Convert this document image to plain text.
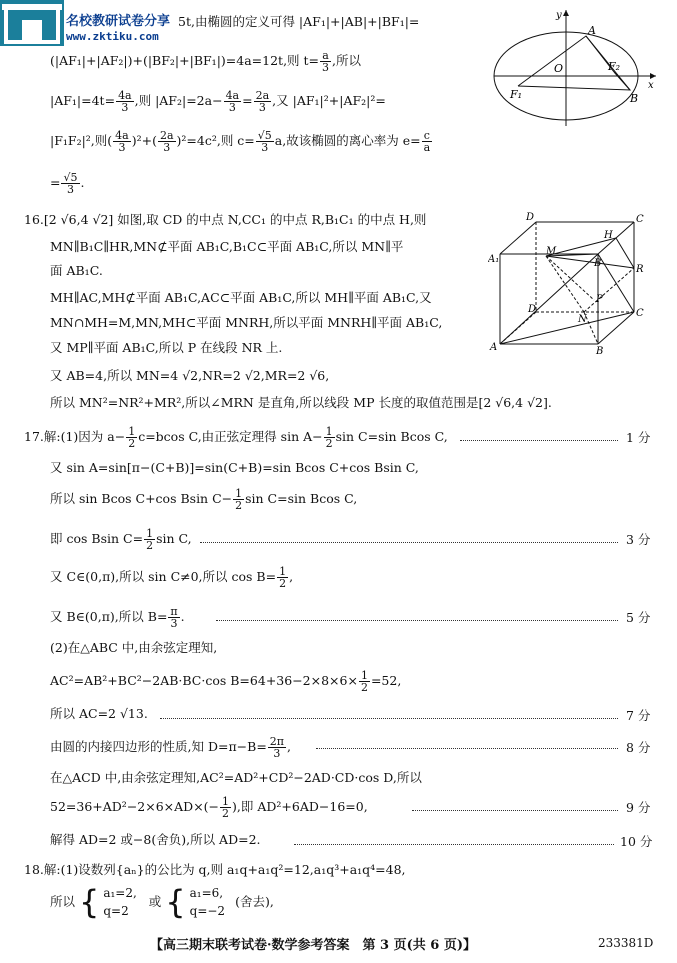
名校教研试卷分享
www.zktiku.com
5t,由椭圆的定义可得 |AF₁|+|AB|+|BF₁|=
(|AF₁|+|AF₂|)+(|BF₂|+|BF₁|)=4a=12t,则 $t= \frac{a}{3}$ ,所以
$|AF_1|=4t= \frac{4a}{3}$ ,则 $|AF_2|=2a- \frac{4a}{3} = \frac{2a}{3}$ ,又 |AF₁|²+|AF₂|²=
|F₁F₂|²,则( $\frac{4a}{3} )^2+( \frac{2a}{3} )^2=4c^2$,则 $c= \frac{√5}{3} a$,故该椭圆的离心率为 $e= \frac{c}{a}$
= $\frac{√5}{3}$ .
y
x
A
O
F₁
F₂
B
16.[2 √6,4 √2] 如图,取 CD 的中点 N,CC₁ 的中点 R,B₁C₁ 的中点 H,则
MN∥B₁C∥HR,MN⊄平面 AB₁C,B₁C⊂平面 AB₁C,所以 MN∥平
面 AB₁C.
MH∥AC,MH⊄平面 AB₁C,AC⊂平面 AB₁C,所以 MH∥平面 AB₁C,又
MN∩MH=M,MN,MH⊂平面 MNRH,所以平面 MNRH∥平面 AB₁C,
又 MP∥平面 AB₁C,所以 P 在线段 NR 上.
又 AB=4,所以 MN=4 √2,NR=2 √2,MR=2 √6,
所以 MN²=NR²+MR²,所以∠MRN 是直角,所以线段 MP 长度的取值范围是[2 √6,4 √2].
D	C
A₁	B
M
H
R
D
N
P
C
A	B
17.解:(1)因为 $a- \frac{1}{2} c=bcos$ C,由正弦定理得 $\sin A- \frac{1}{2}$ sin C=sin Bcos C,	1 分
又 sin A=sin[π−(C+B)]=sin(C+B)=sin Bcos C+cos Bsin C,
所以 sin Bcos C+cos Bsin $C- \frac{1}{2}$ sin C=sin Bcos C,
即 cos Bsin $C= \frac{1}{2}$ sin C,	3 分
又 C∈(0,π),所以 sin C≠0,所以 $\cos B= \frac{1}{2}$ ,
又 B∈(0,π),所以 $B= \frac{\pi}{3}$ .	5 分
(2)在△ABC 中,由余弦定理知,
AC²=AB²+BC²−2AB·BC·cos $B=64+36-2\times 8\times 6\times \frac{1}{2} =52$,
所以 AC=2 √13.	7 分
由圆的内接四边形的性质,知 $D=\pi-B= \frac{2\pi}{3}$ ,	8 分
在△ACD 中,由余弦定理知,AC²=AD²+CD²−2AD·CD·cos D,所以
$52=36+AD^2-2\times 6\times AD\times(- \frac{1}{2}$ ),即 AD²+6AD−16=0,	9 分
解得 AD=2 或−8(舍负),所以 AD=2.	10 分
18.解:(1)设数列{aₙ}的公比为 q,则 a₁q+a₁q²=12,a₁q³+a₁q⁴=48,
所以 { a₁=2,
q=2
或 { a₁=6,
q=−2
(舍去),
【高三期末联考试卷·数学参考答案　第 3 页(共 6 页)】	233381D
